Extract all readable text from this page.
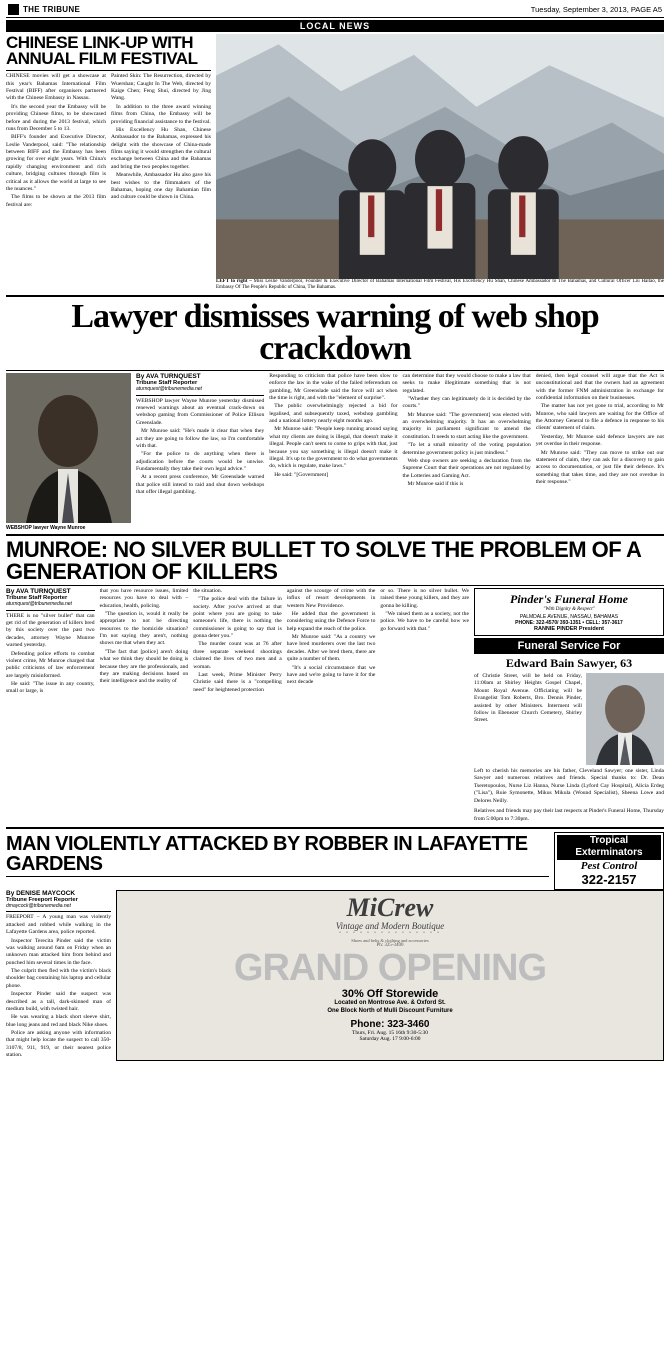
THE TRIBUNE	Tuesday, September 3, 2013, PAGE A5
LOCAL NEWS
CHINESE LINK-UP WITH ANNUAL FILM FESTIVAL

CHINESE movies will get a showcase at this year's Bahamas International Film Festival (BIFF) after organisers partnered with the Chinese Embassy in Nassau.

It's the second year the Embassy will be providing Chinese films, to be showcased before and during the 2013 festival, which runs from December 5 to 13.

BIFF's founder and Executive Director, Leslie Vanderpool, said: "The relationship between BIFF and the Embassy has been growing for over eight years. With China's rapidly changing environment and rich culture, bridging cultures through film is critical as it allows the world at large to see the nuances."

The films to be shown at the 2013 film festival are:

Painted Skin: The Resurrection, directed by Wuershan; Caught In The Web, directed by Kaige Chen; Feng Shui, directed by Jing Wang.

In addition to the three award winning films from China, the Embassy will be providing financial assistance to the festival.

His Excellency Hu Shan, Chinese Ambassador to the Bahamas, expressed his delight with the showcase of China-made films saying it would strengthen the cultural exchange between China and the Bahamas and bring the two peoples together.

Meanwhile, Ambassador Hu also gave his best wishes to the filmmakers of the Bahamas, hoping one day Bahamian film and culture could be shown in China.

LEFT to right – Miss Leslie Vanderpool, Founder & Executive Director of Bahamas International Film Festival, His Excellency Hu Shan, Chinese Ambassador to The Bahamas, and Cultural Officer Liu Haitao, the Embassy Of The People's Republic of China, The Bahamas.
Lawyer dismisses warning of web shop crackdown
WEBSHOP lawyer Wayne Munroe
By AVA TURNQUEST
Tribune Staff Reporter
aturnquest@tribunemedia.net

WEBSHOP lawyer Wayne Munroe yesterday dismissed renewed warnings about an eventual crack-down on webshop gaming from Commissioner of Police Ellison Greenslade.

Mr Munroe said: "He's made it clear that when they act they are going to follow the law, so I'm comfortable with that.

"For the police to do anything when there is adjudication before the courts would be unwise. Fundamentally they take their own legal advice."

At a recent press conference, Mr Greenslade warned that police still intend to raid and shut down webshops that offer illegal gambling.

Responding to criticism that police have been slow to enforce the law in the wake of the failed referendum on gambling, Mr Greenslade said the force will act when the time is right, and with the "element of surprise".

The public overwhelmingly rejected a bid for legalised, and subsequently taxed, webshop gambling and a national lottery nearly eight months ago.

Mr Munroe said: "People keep running around saying what my clients are doing is illegal, that doesn't make it illegal. People can't seem to come to grips with that, just because you say something is illegal doesn't make it illegal. It's up to the government to do what governments do, which is regulate, make laws."

He said: "[Government]

can determine that they would choose to make a law that seeks to make illegitimate something that is not regulated.

"Whether they can legitimately do it is decided by the courts."

Mr Munroe said: "The government] was elected with an overwhelming majority. It has an overwhelming majority in parliament significant to amend the constitution. It needs to start acting like the government.

"To let a small minority of the voting population determine government policy is just mindless."

Web shop owners are seeking a declaration from the Supreme Court that their operations are not regulated by the Lotteries and Gaming Act.

Mr Munroe said if this is

denied, then legal counsel will argue that the Act is unconstitutional and that the owners had an agreement with the former FNM administration in exchange for confidential information on their businesses.

The matter has not yet gone to trial, according to Mr Munroe, who said lawyers are waiting for the Office of the Attorney General to file a defence in response to his clients' statement of claim.

Yesterday, Mr Munroe said defence lawyers are not yet overdue in their response.

Mr Munroe said: "They can move to strike out our statement of claim, they can ask for a discovery to gain access to documentation, or just file their defence. It's something that takes time, and they are not overdue in their response."

MUNROE: NO SILVER BULLET TO SOLVE THE PROBLEM OF A GENERATION OF KILLERS
By AVA TURNQUEST
Tribune Staff Reporter
aturnquest@tribunemedia.net

THERE is no "silver bullet" that can get rid of the generation of killers bred by this society over the past two decades, attorney Wayne Munroe warned yesterday.

Defending police efforts to combat violent crime, Mr Munroe charged that public criticisms of law enforcement are largely misinformed.

He said: "The issue in any country, small or large, is

that you have resource issues, limited resources you have to deal with – education, health, policing.

"The question is, would it really be appropriate to not be directing resources to the homicide situation? I'm not saying they aren't, nothing shows me that when they act.

"The fact that [police] aren't doing what we think they should be doing is because they are the professionals, and they are making decisions based on their intelligence and the reality of

the situation.

"The police deal with the failure in society. After you've arrived at that point where you are going to take someone's life, there is nothing the commissioner is going to say that is gonna deter you."

The murder count was at 76 after three separate weekend shootings claimed the lives of two men and a woman.

Last week, Prime Minister Perry Christie said there is a "compelling need" for heightened protection

against the scourge of crime with the influx of resort developments in western New Providence.

He added that the government is considering using the Defence Force to help expand the reach of the police.

Mr Munroe said: "As a country we have bred murderers over the last two decades. After we bred them, there are quite a number of them.

"It's a social circumstance that we have and we're going to have it for the next decade

or so. There is no silver bullet. We raised these young killers, and they are gonna be killing.

"We raised them as a society, not the police. We have to be careful how we go forward with that."

Pinder's Funeral Home
"With Dignity & Respect"
PALMDALE AVENUE, NASSAU, BAHAMAS
PHONE: 322-4570/ 393-1351 • CELL: 357-3617
RANNIE PINDER President
Funeral Service For
Edward Bain Sawyer, 63
of Christie Street, will be held on Friday, 11:00am at Shirley Heights Gospel Chapel, Mount Royal Avenue. Officiating will be Evangelist Tom Roberts, Bro. Dennis Pinder, assisted by other Ministers. Interment will follow in Ebenezer Church Cemetery, Shirley Street.
Left to cherish his memories are his father, Cleveland Sawyer; one sister, Linda Sawyer and numerous relatives and friends. Special thanks to: Dr. Dean Tseretopoulos, Nurse Liz Hanna, Nurse Linda (Lyford Cay Hospital), Alicia Erdeg ("Lisa"), Ruie Symonette, Mikus Mikula (Wound Specialist), Sheena Lowe and Delores Neilly.
Relatives and friends may pay their last respects at Pinder's Funeral Home, Thursday from 5:00pm to 7:30pm.
MAN VIOLENTLY ATTACKED BY ROBBER IN LAFAYETTE GARDENS
Tropical
Exterminators
Pest Control
322-2157
By DENISE MAYCOCK
Tribune Freeport Reporter
dmaycock@tribunemedia.net

FREEPORT – A young man was violently attacked and robbed while walking in the Lafayette Gardens area, police reported.

Inspector Terecita Pinder said the victim was walking around 6am on Friday when an unknown man attacked him from behind and punched him several times in the face.

The culprit then fled with the victim's black shoulder bag containing his laptop and cellular phone.

Inspector Pinder said the suspect was described as a tall, dark-skinned man of medium build, with twisted hair.

He was wearing a black short sleeve shirt, blue long jeans and red and black Nike shoes.

Police are asking anyone with information that might help locate the suspect to call 350-3107/8, 911, 919, or their nearest police station.

MiCrew
Vintage and Modern Boutique
• • • • • • • • • • • • • • •
Shoes and belts & clothing and accessories
Ph: 325-3400
GRAND OPENING
30% Off Storewide
Located on Montrose Ave. & Oxford St.
One Block North of Mulli Discount Furniture
Phone: 323-3460
Thurs, Fri. Aug. 15 16th 9:30-5:30
Saturday Aug. 17 9:00-6:00
